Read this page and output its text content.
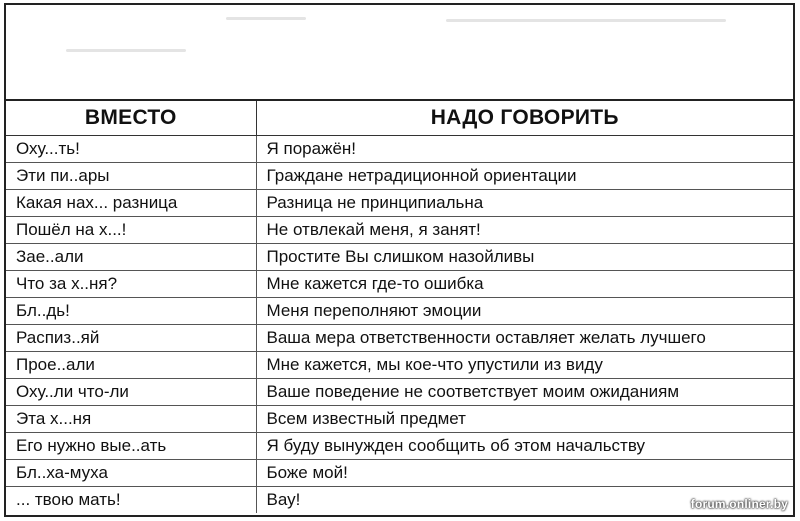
ВМЕСТО	НАДО ГОВОРИТЬ
Оху...ть!	Я поражён!
Эти пи..ары	Граждане нетрадиционной ориентации
Какая нах... разница	Разница не принципиальна
Пошёл на х...!	Не отвлекай меня, я занят!
Зае..али	Простите Вы слишком назойливы
Что за х..ня?	Мне кажется где-то ошибка
Бл..дь!	Меня переполняют эмоции
Распиз..яй	Ваша мера ответственности оставляет желать лучшего
Прое..али	Мне кажется, мы кое-что упустили из виду
Оху..ли что-ли	Ваше поведение не соответствует моим ожиданиям
Эта х...ня	Всем известный предмет
Его нужно вые..ать	Я буду вынужден сообщить об этом начальству
Бл..ха-муха	Боже мой!
... твою мать!	Вау!	forum.onliner.by
